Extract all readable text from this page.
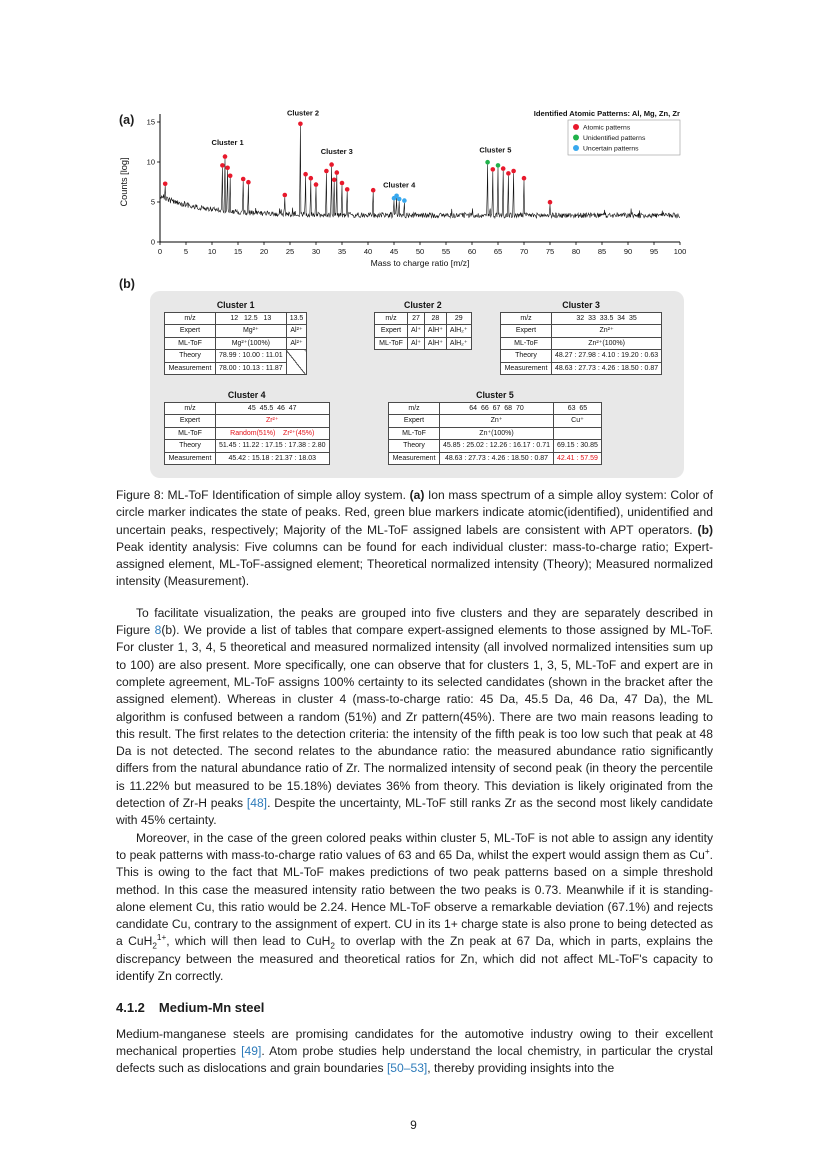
(a)
0	5	10 15 20 25 30 35 40 45 50 55 60 65 70 75 80 85 90 95 100
0
5
10
15
Mass to charge ratio [m/z]
Counts [log]
Cluster 1
Cluster 2
Cluster 3
Cluster 4
Cluster 5
Identified Atomic Patterns: Al, Mg, Zn, Zr
Atomic patterns
Unidentified patterns
Uncertain patterns
(b)
Cluster 1
m/z	12   12.5   13	13.5
Expert	Mg²⁺	Al²⁺
ML-ToF	Mg²⁺(100%)	Al²⁺
Theory	78.99 : 10.00 : 11.01	
Measurement	78.00 : 10.13 : 11.87	
Cluster 2
m/z	27	28	29
Expert	Al⁺	AlH⁺	AlH₂⁺
ML-ToF	Al⁺	AlH⁺	AlH₂⁺
Cluster 3
m/z	32  33  33.5  34  35
Expert	Zn²⁺
ML-ToF	Zn²⁺(100%)
Theory	48.27 : 27.98 : 4.10 : 19.20 : 0.63
Measurement	48.63 : 27.73 : 4.26 : 18.50 : 0.87
Cluster 4
m/z	45  45.5  46  47
Expert	Zr²⁺
ML-ToF	Random(51%)    Zr²⁺(45%)
Theory	51.45 : 11.22 : 17.15 : 17.38 : 2.80
Measurement	45.42 : 15.18 : 21.37 : 18.03
Cluster 5
m/z	64  66  67  68  70	63  65
Expert	Zn⁺	Cu⁺
ML-ToF	Zn⁺(100%)	
Theory	45.85 : 25.02 : 12.26 : 16.17 : 0.71	69.15 : 30.85
Measurement	48.63 : 27.73 : 4.26 : 18.50 : 0.87	42.41 : 57.59

Figure 8: ML-ToF Identification of simple alloy system. (a) Ion mass spectrum of a simple alloy system: Color of circle marker indicates the state of peaks. Red, green blue markers indicate atomic(identified), unidentified and uncertain peaks, respectively; Majority of the ML-ToF assigned labels are consistent with APT operators. (b) Peak identity analysis: Five columns can be found for each individual cluster: mass-to-charge ratio; Expert-assigned element, ML-ToF-assigned element; Theoretical normalized intensity (Theory); Measured normalized intensity (Measurement).

To facilitate visualization, the peaks are grouped into five clusters and they are separately described in Figure 8(b). We provide a list of tables that compare expert-assigned elements to those assigned by ML-ToF. For cluster 1, 3, 4, 5 theoretical and measured normalized intensity (all involved normalized intensities sum up to 100) are also present. More specifically, one can observe that for clusters 1, 3, 5, ML-ToF and expert are in complete agreement, ML-ToF assigns 100% certainty to its selected candidates (shown in the bracket after the assigned element). Whereas in cluster 4 (mass-to-charge ratio: 45 Da, 45.5 Da, 46 Da, 47 Da), the ML algorithm is confused between a random (51%) and Zr pattern(45%). There are two main reasons leading to this result. The first relates to the detection criteria: the intensity of the fifth peak is too low such that peak at 48 Da is not detected. The second relates to the abundance ratio: the measured abundance ratio significantly differs from the natural abundance ratio of Zr. The normalized intensity of second peak (in theory the percentile is 11.22% but measured to be 15.18%) deviates 36% from theory. This deviation is likely originated from the detection of Zr-H peaks [48]. Despite the uncertainty, ML-ToF still ranks Zr as the second most likely candidate with 45% certainty.

Moreover, in the case of the green colored peaks within cluster 5, ML-ToF is not able to assign any identity to peak patterns with mass-to-charge ratio values of 63 and 65 Da, whilst the expert would assign them as Cu+. This is owing to the fact that ML-ToF makes predictions of two peak patterns based on a simple threshold method. In this case the measured intensity ratio between the two peaks is 0.73. Meanwhile if it is standing-alone element Cu, this ratio would be 2.24. Hence ML-ToF observe a remarkable deviation (67.1%) and rejects candidate Cu, contrary to the assignment of expert. CU in its 1+ charge state is also prone to being detected as a CuH$_2^{1+}$, which will then lead to CuH$_2$ to overlap with the Zn peak at 67 Da, which in parts, explains the discrepancy between the measured and theoretical ratios for Zn, which did not affect ML-ToF's capacity to identify Zn correctly.

4.1.2 Medium-Mn steel

Medium-manganese steels are promising candidates for the automotive industry owing to their excellent mechanical properties [49]. Atom probe studies help understand the local chemistry, in particular the crystal defects such as dislocations and grain boundaries [50–53], thereby providing insights into the

9
